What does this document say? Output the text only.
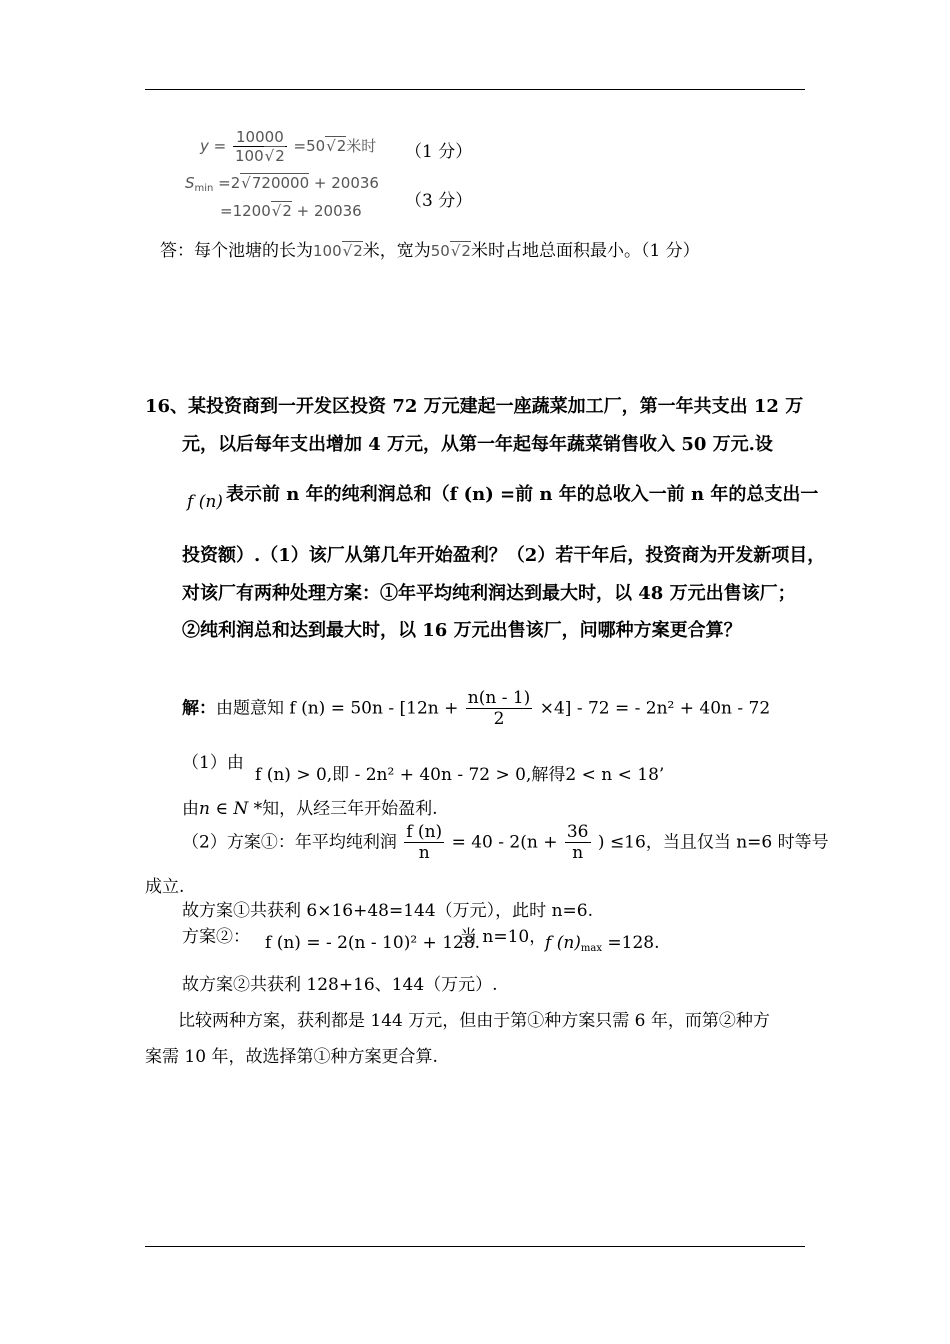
$y = \frac{10000}{100√ 2} =50√$ 2米时 （1 分）
$S_{min} =2√$ 720000 + 20036
（3 分）
=1200√ 2 + 20036
答：每个池塘的长为100√ 2米，宽为50√ 2米时占地总面积最小。（1 分）
16、某投资商到一开发区投资 72 万元建起一座蔬菜加工厂，第一年共支出 12 万
元，以后每年支出增加 4 万元，从第一年起每年蔬菜销售收入 50 万元.设
f (n) 表示前 n 年的纯利润总和（f (n) =前 n 年的总收入一前 n 年的总支出一
投资额）.（1）该厂从第几年开始盈利？（2）若干年后，投资商为开发新项目，
对该厂有两种处理方案：①年平均纯利润达到最大时，以 48 万元出售该厂；
②纯利润总和达到最大时，以 16 万元出售该厂，问哪种方案更合算？
解：由题意知 f $(n) = 50n - [12n + \frac{n(n - 1)}{2} \times 4] - 72$ = - 2n² + 40n - 72
（1）由
f (n) > 0,即 - 2n² + 40n - 72 > 0,解得2 < n < 18’
由n ∈ N *知，从经三年开始盈利.
（2）方案①：年平均纯利润 $\frac{f (n)}{n} = 40 - 2(n + \frac{36}{n}$ ) ≤16，当且仅当 n=6 时等号
成立.
故方案①共获利 6×16+48=144（万元），此时 n=6.
方案②： f (n) = - 2(n - 10)² + 128.
当 n=10，
f $(n)_{max} =128$.
故方案②共获利 128+16、144（万元）.
比较两种方案，获利都是 144 万元，但由于第①种方案只需 6 年，而第②种方
案需 10 年，故选择第①种方案更合算.
